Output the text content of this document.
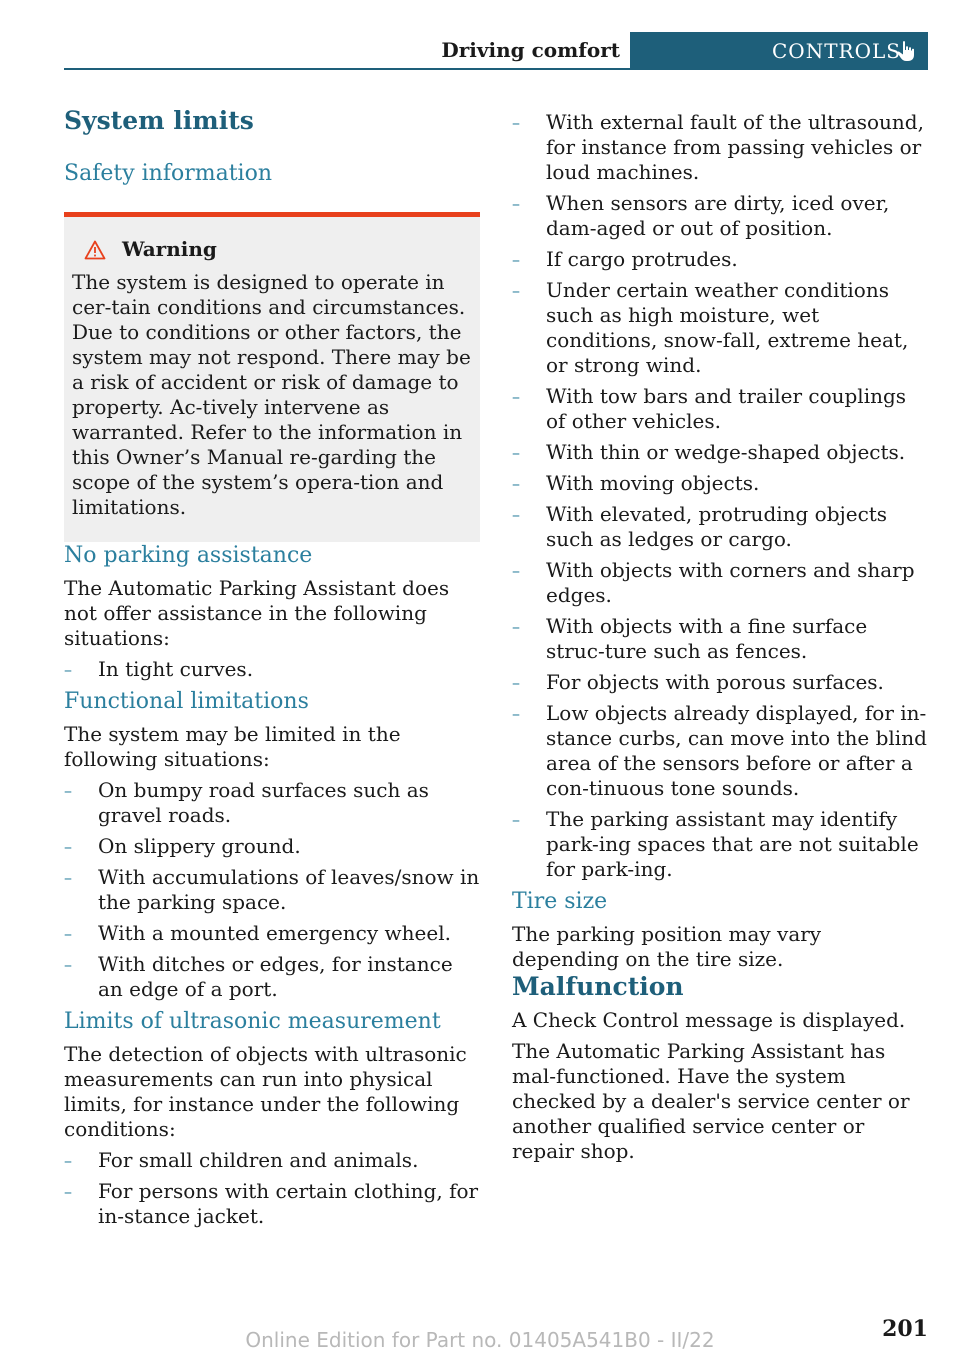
Driving comfort	CONTROLS
System limits
Safety information
Warning

The system is designed to operate in cer-tain conditions and circumstances. Due to conditions or other factors, the system may not respond. There may be a risk of accident or risk of damage to property. Ac-tively intervene as warranted. Refer to the information in this Owner’s Manual re-garding the scope of the system’s opera-tion and limitations.

No parking assistance

The Automatic Parking Assistant does not offer assistance in the following situations:

– In tight curves.
Functional limitations

The system may be limited in the following situations:

– On bumpy road surfaces such as gravel roads.
– On slippery ground.
– With accumulations of leaves/snow in the parking space.
– With a mounted emergency wheel.
– With ditches or edges, for instance an edge of a port.
Limits of ultrasonic measurement

The detection of objects with ultrasonic measurements can run into physical limits, for instance under the following conditions:

– For small children and animals.
– For persons with certain clothing, for in-stance jacket.
– With external fault of the ultrasound, for instance from passing vehicles or loud machines.
– When sensors are dirty, iced over, dam-aged or out of position.
– If cargo protrudes.
– Under certain weather conditions such as high moisture, wet conditions, snow-fall, extreme heat, or strong wind.
– With tow bars and trailer couplings of other vehicles.
– With thin or wedge-shaped objects.
– With moving objects.
– With elevated, protruding objects such as ledges or cargo.
– With objects with corners and sharp edges.
– With objects with a fine surface struc-ture such as fences.
– For objects with porous surfaces.
– Low objects already displayed, for in-stance curbs, can move into the blind area of the sensors before or after a con-tinuous tone sounds.
– The parking assistant may identify park-ing spaces that are not suitable for park-ing.
Tire size

The parking position may vary depending on the tire size.

Malfunction

A Check Control message is displayed.

The Automatic Parking Assistant has mal-functioned. Have the system checked by a dealer's service center or another qualified service center or repair shop.

201
Online Edition for Part no. 01405A541B0 - II/22
